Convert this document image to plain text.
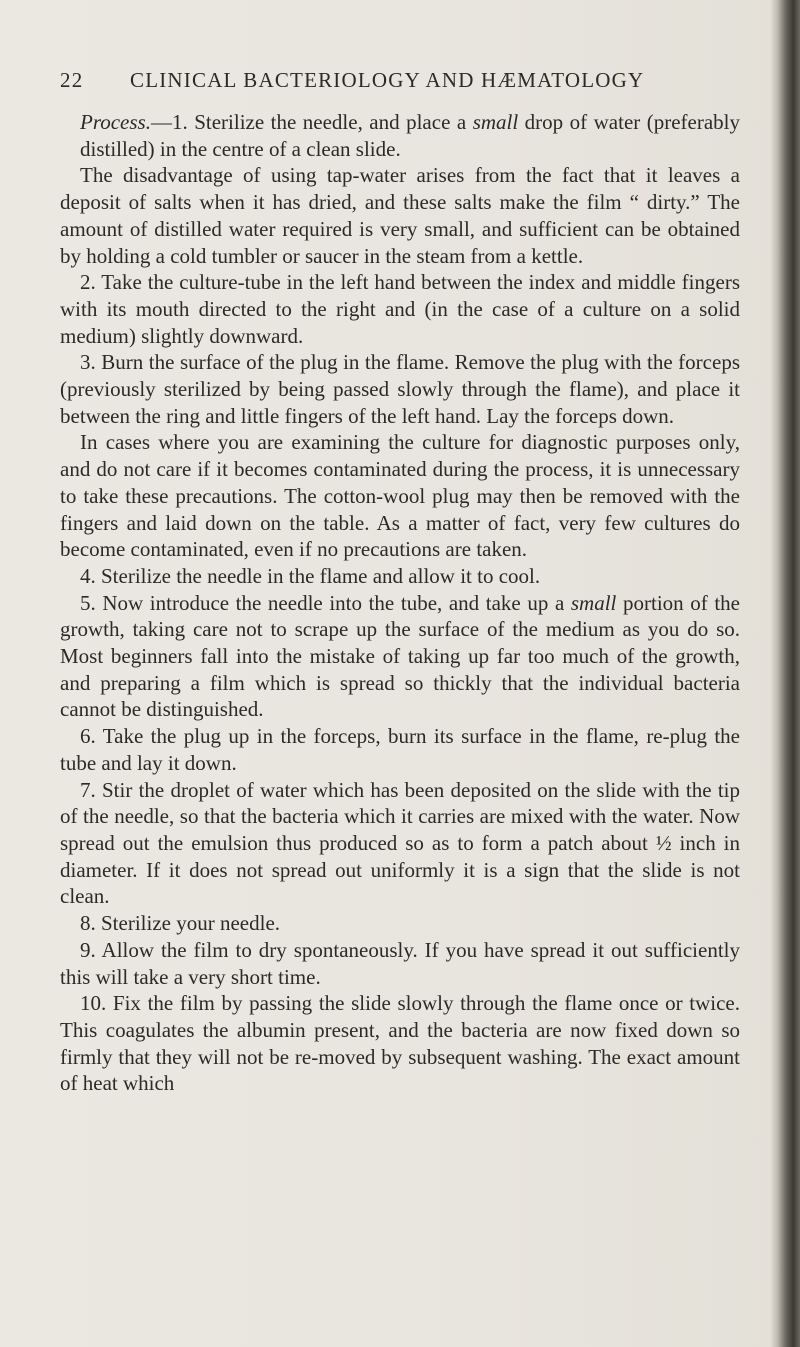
22 CLINICAL BACTERIOLOGY AND HÆMATOLOGY

Process.—1. Sterilize the needle, and place a small drop of water (preferably distilled) in the centre of a clean slide.

The disadvantage of using tap-water arises from the fact that it leaves a deposit of salts when it has dried, and these salts make the film “ dirty.” The amount of distilled water required is very small, and sufficient can be obtained by holding a cold tumbler or saucer in the steam from a kettle.

2. Take the culture-tube in the left hand between the index and middle fingers with its mouth directed to the right and (in the case of a culture on a solid medium) slightly downward.

3. Burn the surface of the plug in the flame. Remove the plug with the forceps (previously sterilized by being passed slowly through the flame), and place it between the ring and little fingers of the left hand. Lay the forceps down.

In cases where you are examining the culture for diagnostic purposes only, and do not care if it becomes contaminated during the process, it is unnecessary to take these precautions. The cotton-wool plug may then be removed with the fingers and laid down on the table. As a matter of fact, very few cultures do become contaminated, even if no precautions are taken.

4. Sterilize the needle in the flame and allow it to cool.

5. Now introduce the needle into the tube, and take up a small portion of the growth, taking care not to scrape up the surface of the medium as you do so. Most beginners fall into the mistake of taking up far too much of the growth, and preparing a film which is spread so thickly that the individual bacteria cannot be distinguished.

6. Take the plug up in the forceps, burn its surface in the flame, re-plug the tube and lay it down.

7. Stir the droplet of water which has been deposited on the slide with the tip of the needle, so that the bacteria which it carries are mixed with the water. Now spread out the emulsion thus produced so as to form a patch about ½ inch in diameter. If it does not spread out uniformly it is a sign that the slide is not clean.

8. Sterilize your needle.

9. Allow the film to dry spontaneously. If you have spread it out sufficiently this will take a very short time.

10. Fix the film by passing the slide slowly through the flame once or twice. This coagulates the albumin present, and the bacteria are now fixed down so firmly that they will not be re-moved by subsequent washing. The exact amount of heat which
